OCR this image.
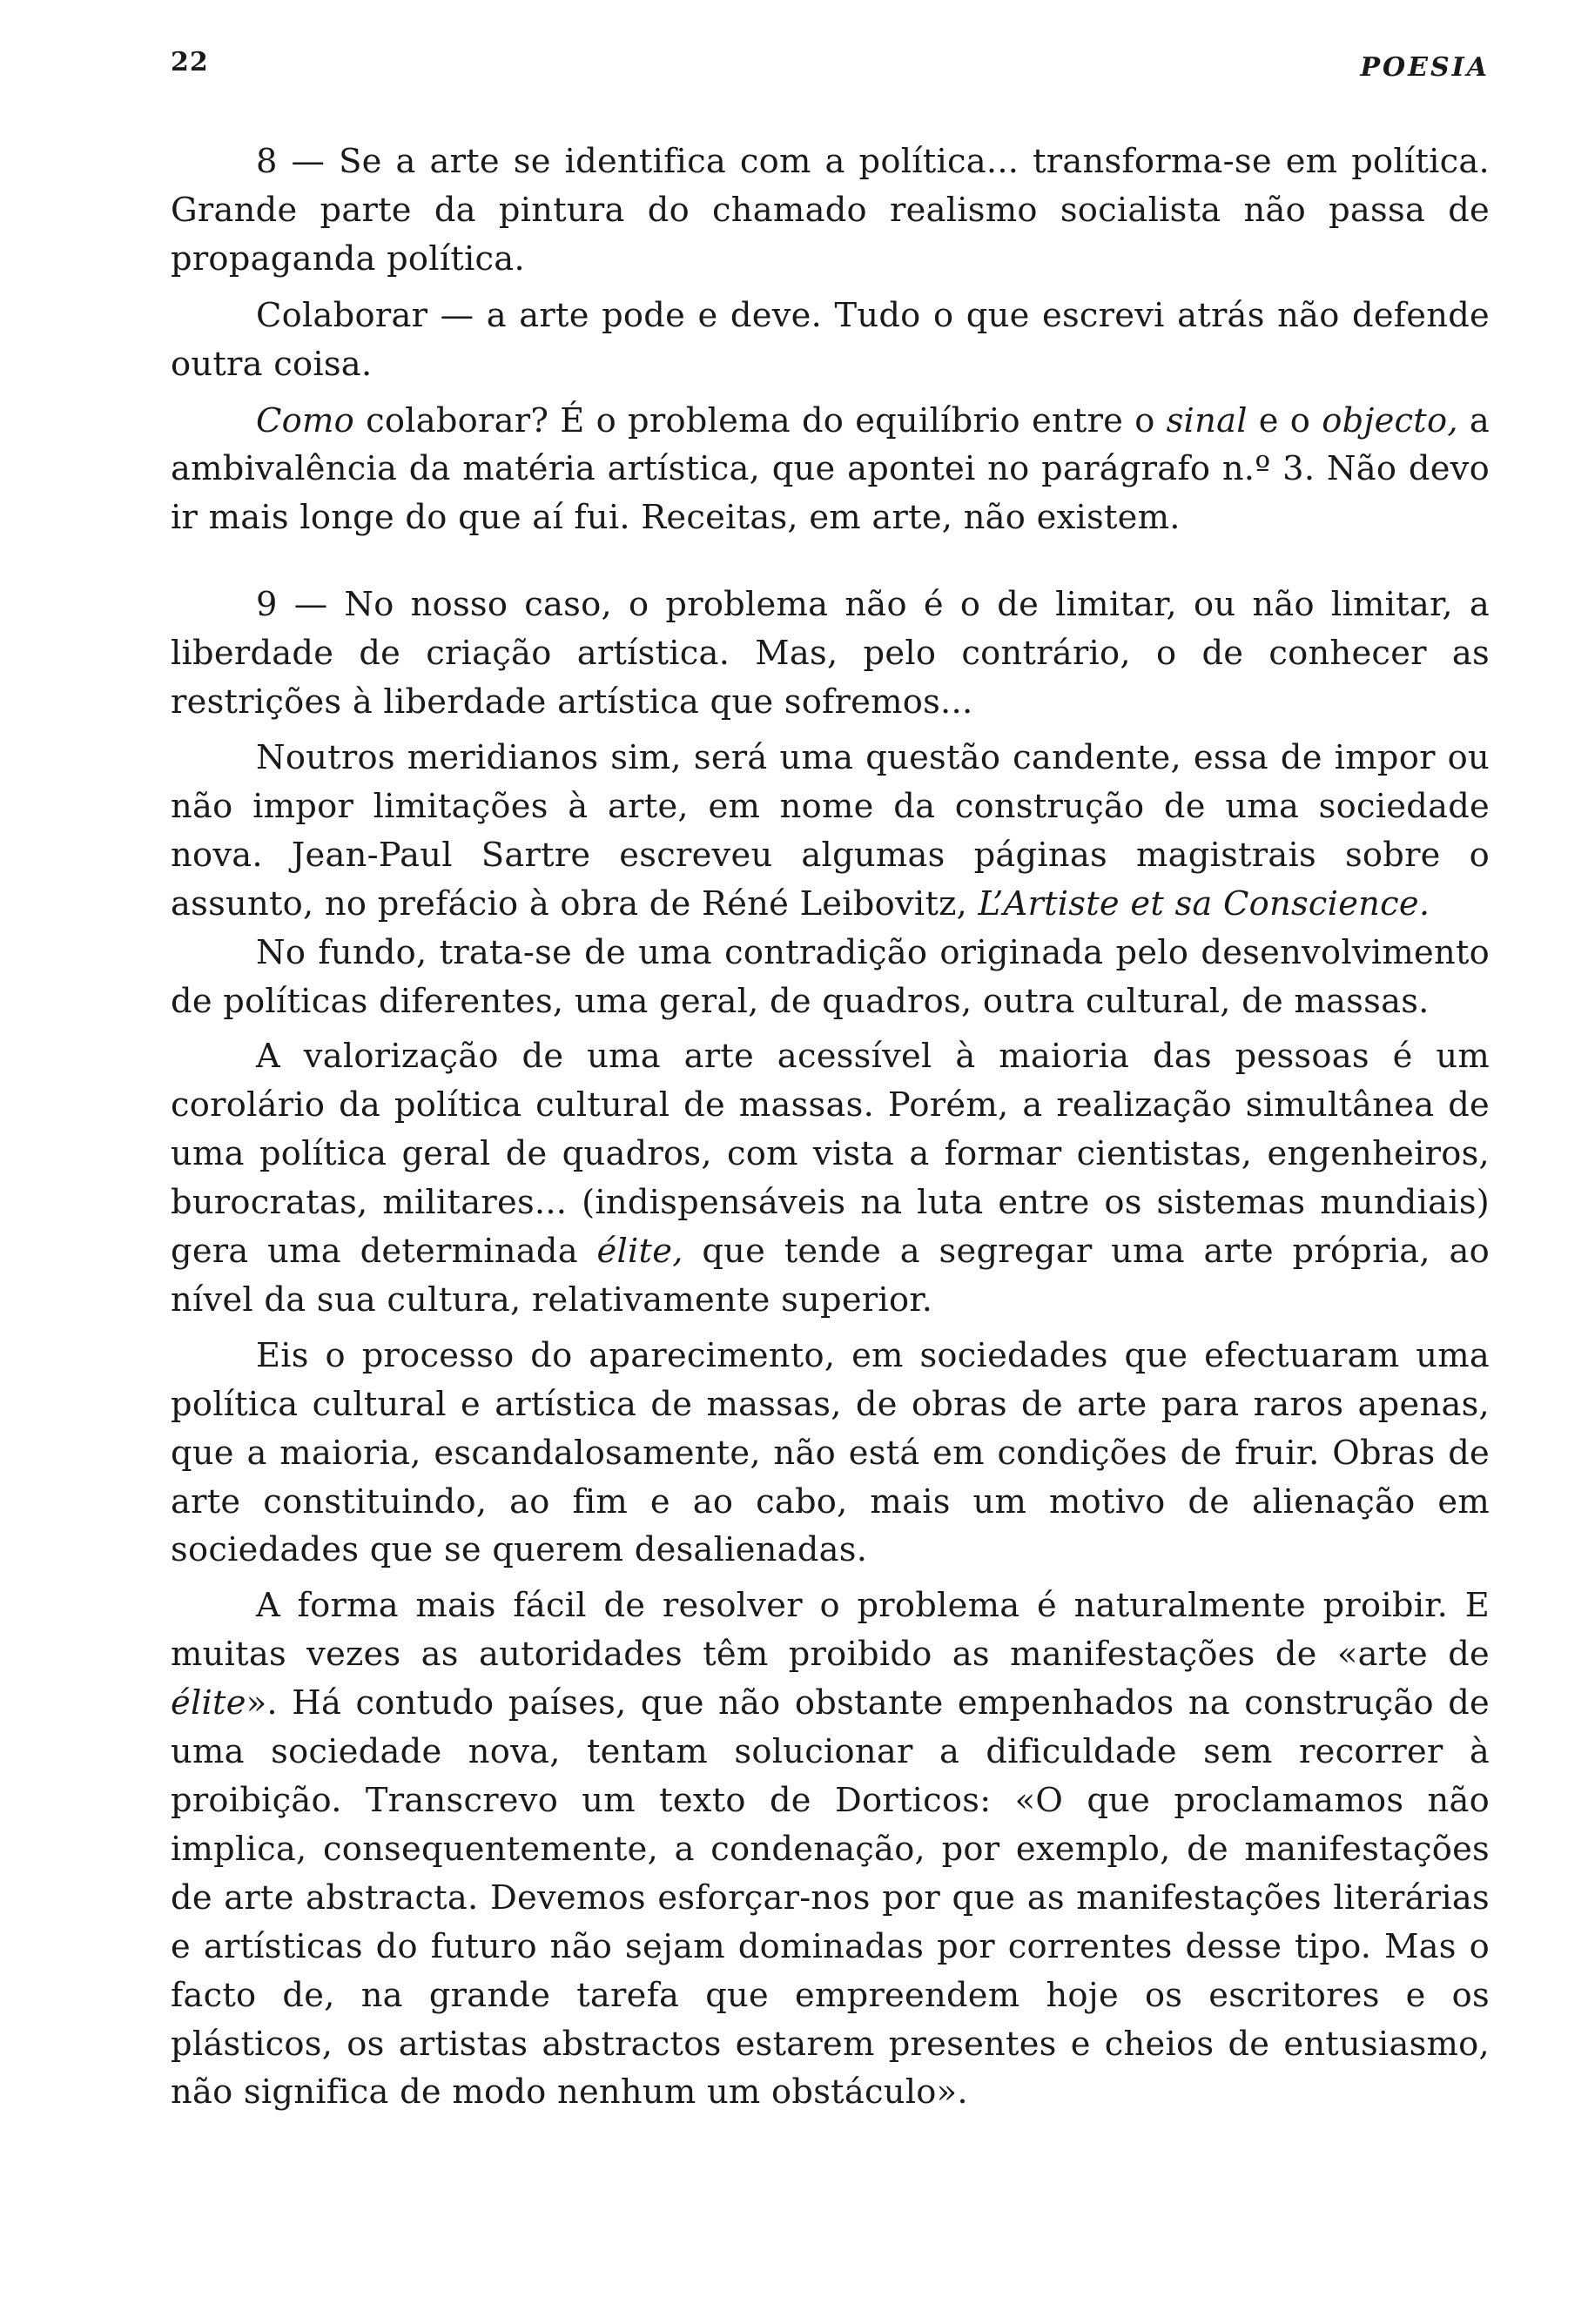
22	POESIA

8 — Se a arte se identifica com a política... transforma-se em política. Grande parte da pintura do chamado realismo socialista não passa de propaganda política.

Colaborar — a arte pode e deve. Tudo o que escrevi atrás não defende outra coisa.

Como colaborar? É o problema do equilíbrio entre o sinal e o objecto, a ambivalência da matéria artística, que apontei no parágrafo n.º 3. Não devo ir mais longe do que aí fui. Receitas, em arte, não existem.

9 — No nosso caso, o problema não é o de limitar, ou não limitar, a liberdade de criação artística. Mas, pelo contrário, o de conhecer as restrições à liberdade artística que sofremos...

Noutros meridianos sim, será uma questão candente, essa de impor ou não impor limitações à arte, em nome da construção de uma sociedade nova. Jean-Paul Sartre escreveu algumas páginas magistrais sobre o assunto, no prefácio à obra de Réné Leibovitz, L’Artiste et sa Conscience.

No fundo, trata-se de uma contradição originada pelo desenvolvimento de políticas diferentes, uma geral, de quadros, outra cultural, de massas.

A valorização de uma arte acessível à maioria das pessoas é um corolário da política cultural de massas. Porém, a realização simultânea de uma política geral de quadros, com vista a formar cientistas, engenheiros, burocratas, militares... (indispensáveis na luta entre os sistemas mundiais) gera uma determinada élite, que tende a segregar uma arte própria, ao nível da sua cultura, relativamente superior.

Eis o processo do aparecimento, em sociedades que efectuaram uma política cultural e artística de massas, de obras de arte para raros apenas, que a maioria, escandalosamente, não está em condições de fruir. Obras de arte constituindo, ao fim e ao cabo, mais um motivo de alienação em sociedades que se querem desalienadas.

A forma mais fácil de resolver o problema é naturalmente proibir. E muitas vezes as autoridades têm proibido as manifestações de «arte de élite». Há contudo países, que não obstante empenhados na construção de uma sociedade nova, tentam solucionar a dificuldade sem recorrer à proibição. Transcrevo um texto de Dorticos: «O que proclamamos não implica, consequentemente, a condenação, por exemplo, de manifestações de arte abstracta. Devemos esforçar-nos por que as manifestações literárias e artísticas do futuro não sejam dominadas por correntes desse tipo. Mas o facto de, na grande tarefa que empreendem hoje os escritores e os plásticos, os artistas abstractos estarem presentes e cheios de entusiasmo, não significa de modo nenhum um obstáculo».
